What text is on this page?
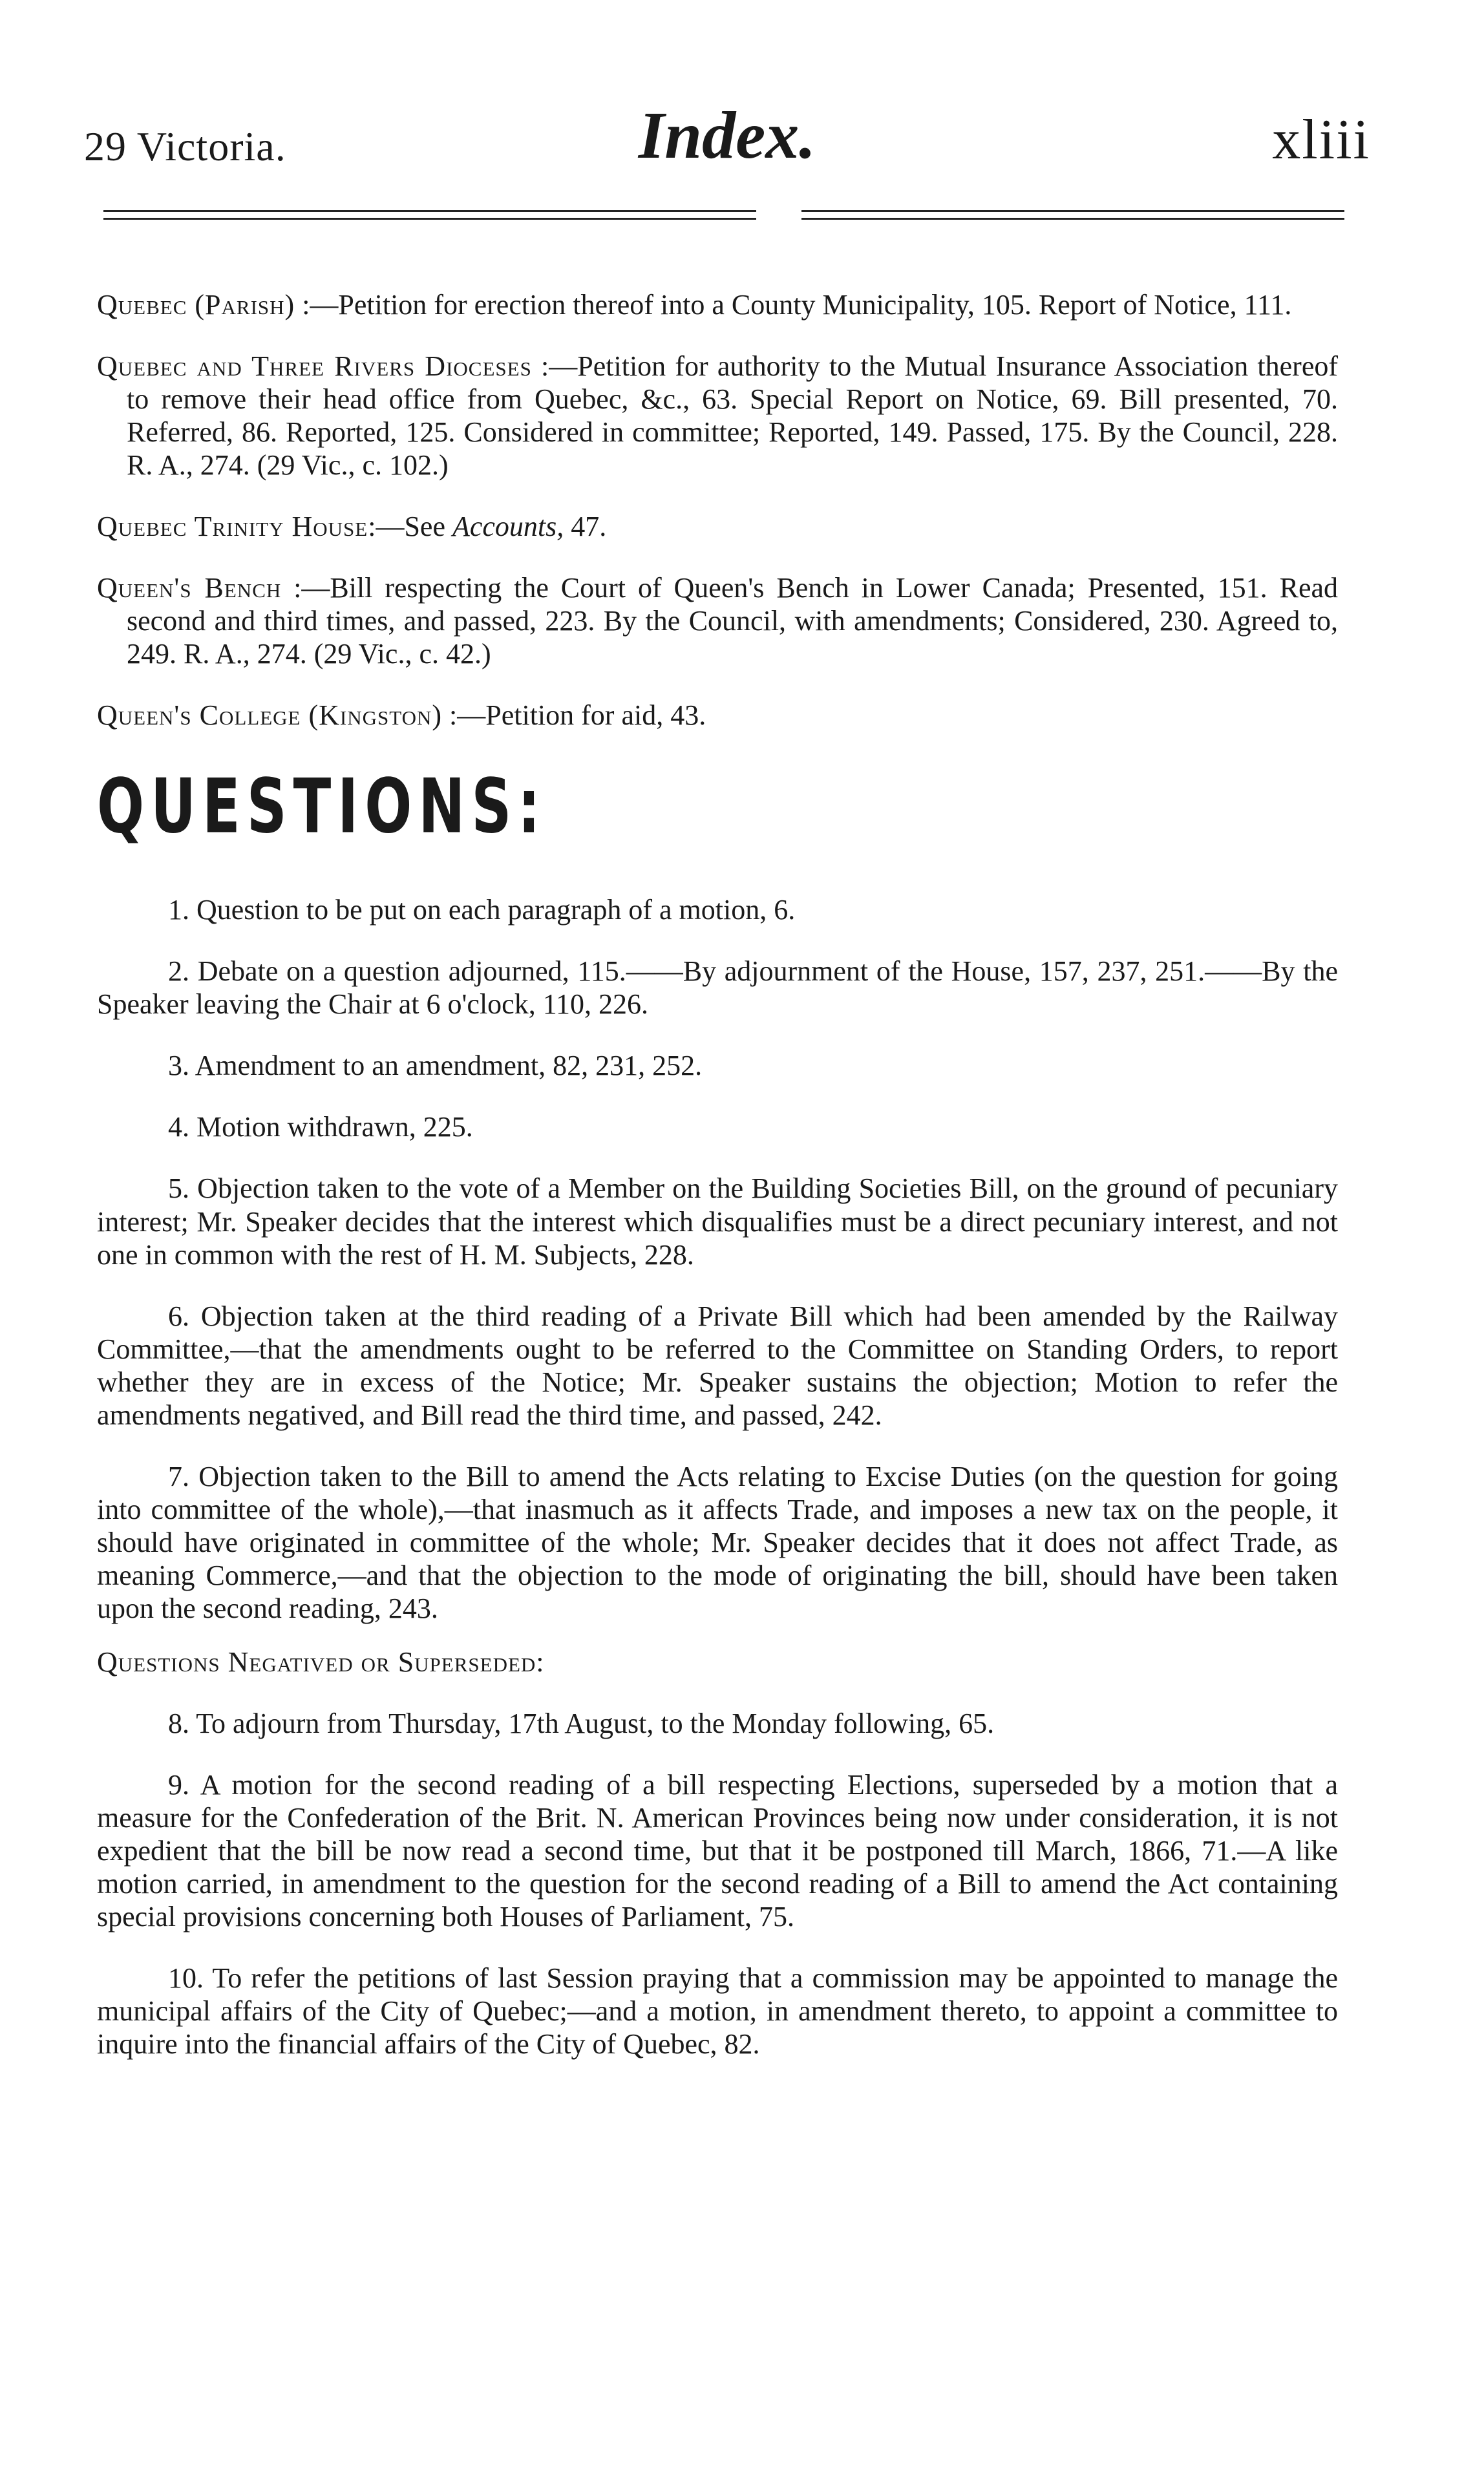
29 Victoria.	Index.	xliii

Quebec (Parish) :—Petition for erection thereof into a County Municipality, 105. Report of Notice, 111.

Quebec and Three Rivers Dioceses :—Petition for authority to the Mutual Insurance Association thereof to remove their head office from Quebec, &c., 63. Special Report on Notice, 69. Bill presented, 70. Referred, 86. Reported, 125. Considered in committee; Reported, 149. Passed, 175. By the Council, 228. R. A., 274. (29 Vic., c. 102.)

Quebec Trinity House:—See Accounts, 47.

Queen's Bench :—Bill respecting the Court of Queen's Bench in Lower Canada; Presented, 151. Read second and third times, and passed, 223. By the Council, with amendments; Considered, 230. Agreed to, 249. R. A., 274. (29 Vic., c. 42.)

Queen's College (Kingston) :—Petition for aid, 43.

QUESTIONS:

1. Question to be put on each paragraph of a motion, 6.

2. Debate on a question adjourned, 115.——By adjournment of the House, 157, 237, 251.——By the Speaker leaving the Chair at 6 o'clock, 110, 226.

3. Amendment to an amendment, 82, 231, 252.

4. Motion withdrawn, 225.

5. Objection taken to the vote of a Member on the Building Societies Bill, on the ground of pecuniary interest; Mr. Speaker decides that the interest which disqualifies must be a direct pecuniary interest, and not one in common with the rest of H. M. Subjects, 228.

6. Objection taken at the third reading of a Private Bill which had been amended by the Railway Committee,—that the amendments ought to be referred to the Committee on Standing Orders, to report whether they are in excess of the Notice; Mr. Speaker sustains the objection; Motion to refer the amendments negatived, and Bill read the third time, and passed, 242.

7. Objection taken to the Bill to amend the Acts relating to Excise Duties (on the question for going into committee of the whole),—that inasmuch as it affects Trade, and imposes a new tax on the people, it should have originated in committee of the whole; Mr. Speaker decides that it does not affect Trade, as meaning Commerce,—and that the objection to the mode of originating the bill, should have been taken upon the second reading, 243.

Questions Negatived or Superseded:

8. To adjourn from Thursday, 17th August, to the Monday following, 65.

9. A motion for the second reading of a bill respecting Elections, superseded by a motion that a measure for the Confederation of the Brit. N. American Provinces being now under consideration, it is not expedient that the bill be now read a second time, but that it be postponed till March, 1866, 71.—A like motion carried, in amendment to the question for the second reading of a Bill to amend the Act containing special provisions concerning both Houses of Parliament, 75.

10. To refer the petitions of last Session praying that a commission may be appointed to manage the municipal affairs of the City of Quebec;—and a motion, in amendment thereto, to appoint a committee to inquire into the financial affairs of the City of Quebec, 82.
